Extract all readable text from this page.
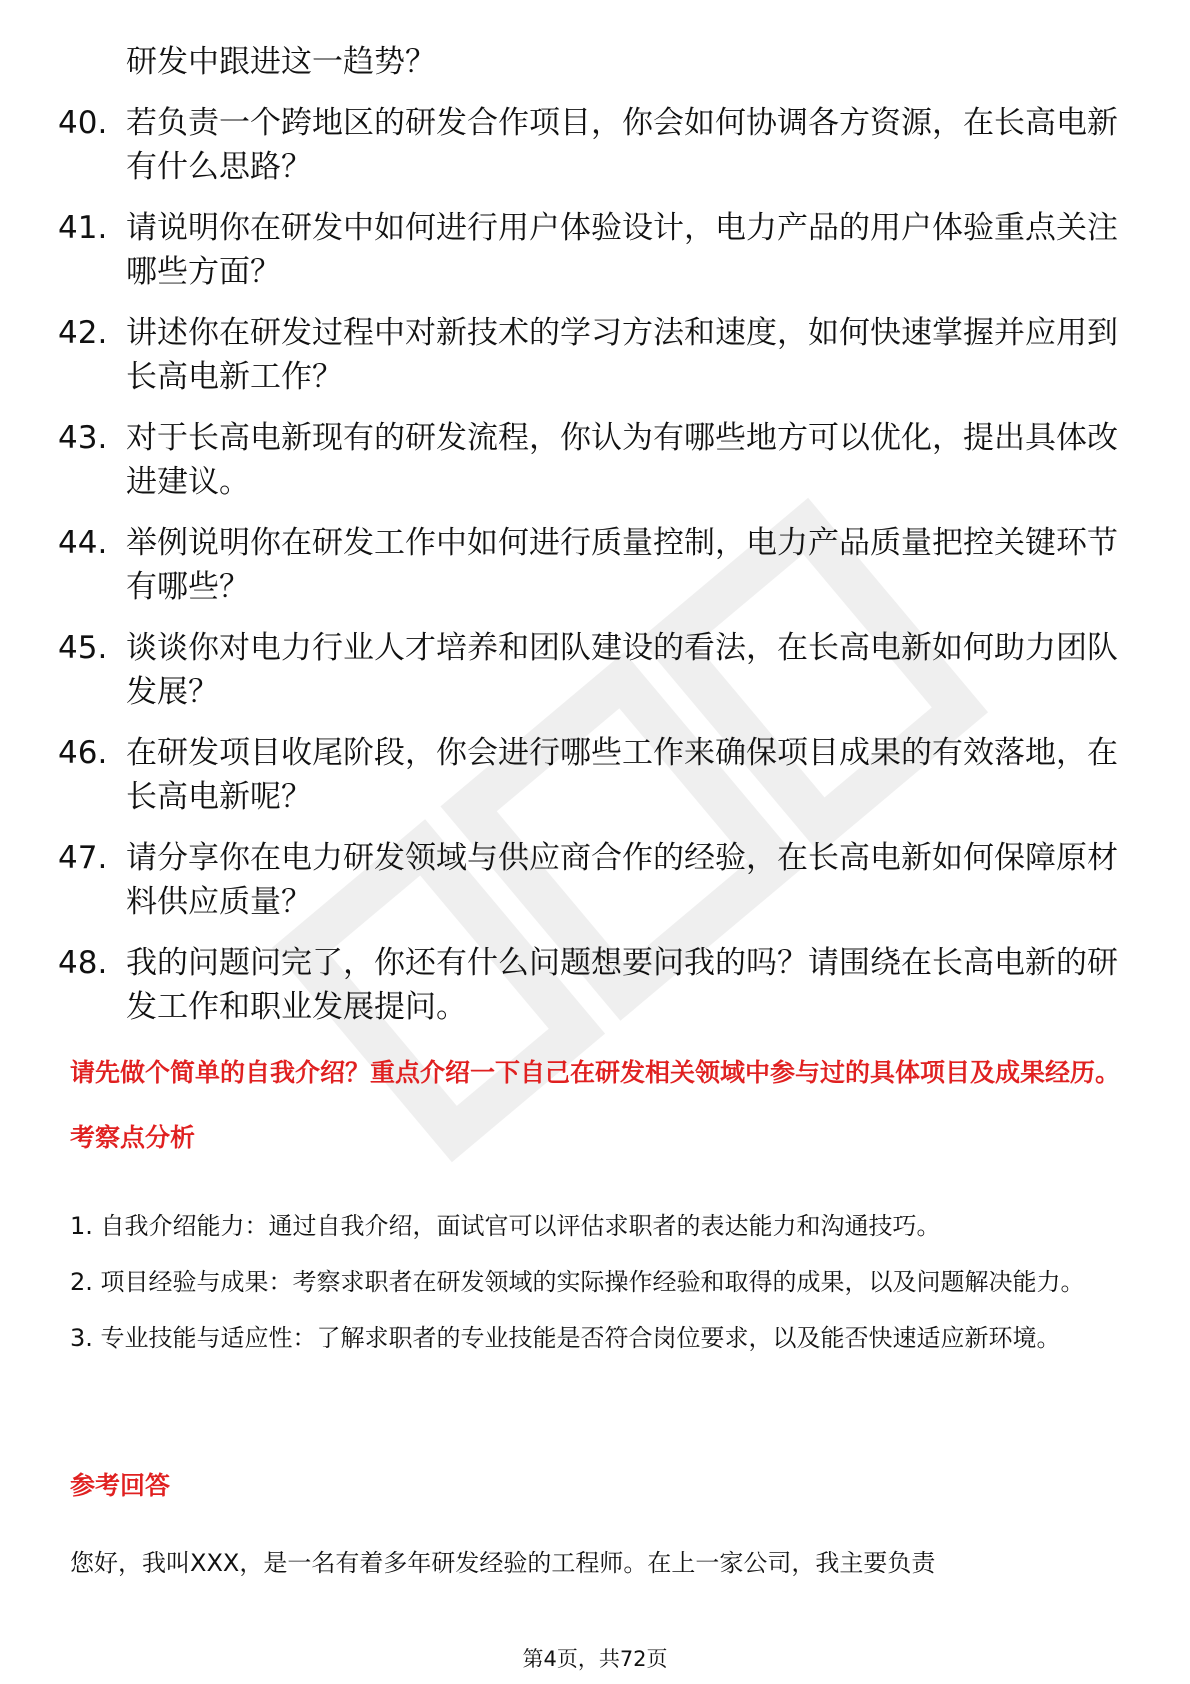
研发中跟进这一趋势？
40. 若负责一个跨地区的研发合作项目，你会如何协调各方资源，在长高电新有什么思路？
41. 请说明你在研发中如何进行用户体验设计，电力产品的用户体验重点关注哪些方面？
42. 讲述你在研发过程中对新技术的学习方法和速度，如何快速掌握并应用到长高电新工作？
43. 对于长高电新现有的研发流程，你认为有哪些地方可以优化，提出具体改进建议。
44. 举例说明你在研发工作中如何进行质量控制，电力产品质量把控关键环节有哪些？
45. 谈谈你对电力行业人才培养和团队建设的看法，在长高电新如何助力团队发展？
46. 在研发项目收尾阶段，你会进行哪些工作来确保项目成果的有效落地，在长高电新呢？
47. 请分享你在电力研发领域与供应商合作的经验，在长高电新如何保障原材料供应质量？
48. 我的问题问完了，你还有什么问题想要问我的吗？请围绕在长高电新的研发工作和职业发展提问。
请先做个简单的自我介绍？重点介绍一下自己在研发相关领域中参与过的具体项目及成果经历。
考察点分析

1. 自我介绍能力：通过自我介绍，面试官可以评估求职者的表达能力和沟通技巧。

2. 项目经验与成果：考察求职者在研发领域的实际操作经验和取得的成果，以及问题解决能力。

3. 专业技能与适应性：了解求职者的专业技能是否符合岗位要求，以及能否快速适应新环境。

参考回答
您好，我叫XXX，是一名有着多年研发经验的工程师。在上一家公司，我主要负责
第4页，共72页
